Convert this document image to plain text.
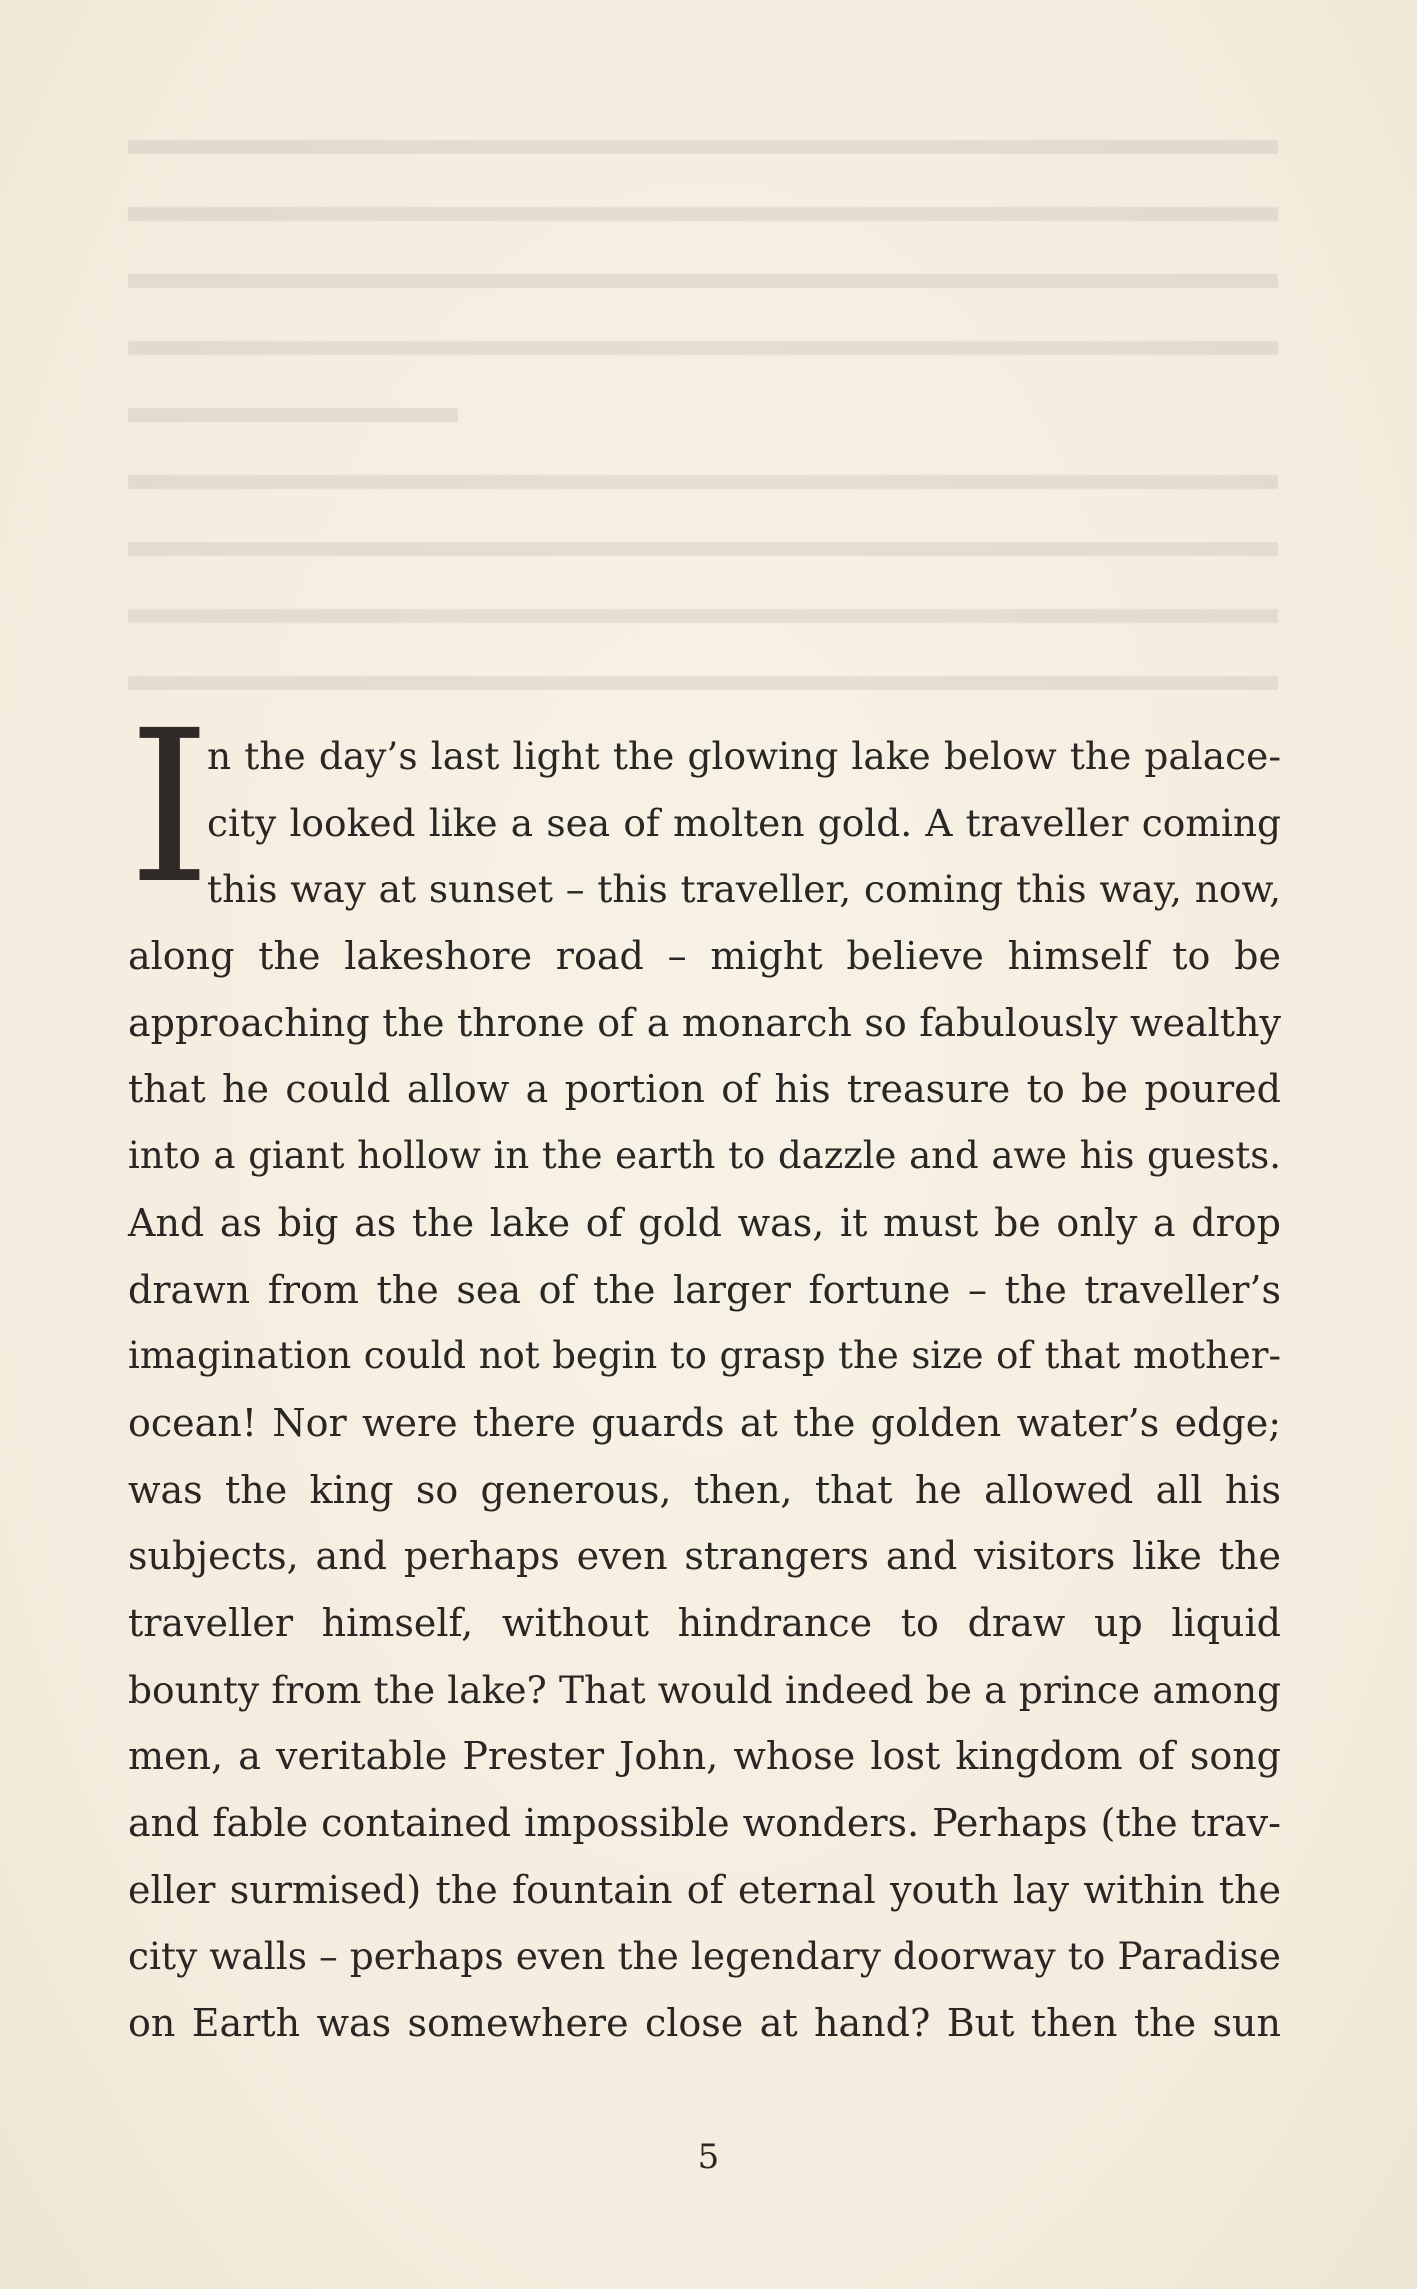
I
n the day’s last light the glowing lake below the palace-
city looked like a sea of molten gold. A traveller coming
this way at sunset – this traveller, coming this way, now,
along the lakeshore road – might believe himself to be
approaching the throne of a monarch so fabulously wealthy
that he could allow a portion of his treasure to be poured
into a giant hollow in the earth to dazzle and awe his guests.
And as big as the lake of gold was, it must be only a drop
drawn from the sea of the larger fortune – the traveller’s
imagination could not begin to grasp the size of that mother-
ocean! Nor were there guards at the golden water’s edge;
was the king so generous, then, that he allowed all his
subjects, and perhaps even strangers and visitors like the
traveller himself, without hindrance to draw up liquid
bounty from the lake? That would indeed be a prince among
men, a veritable Prester John, whose lost kingdom of song
and fable contained impossible wonders. Perhaps (the trav-
eller surmised) the fountain of eternal youth lay within the
city walls – perhaps even the legendary doorway to Paradise
on Earth was somewhere close at hand? But then the sun
5
